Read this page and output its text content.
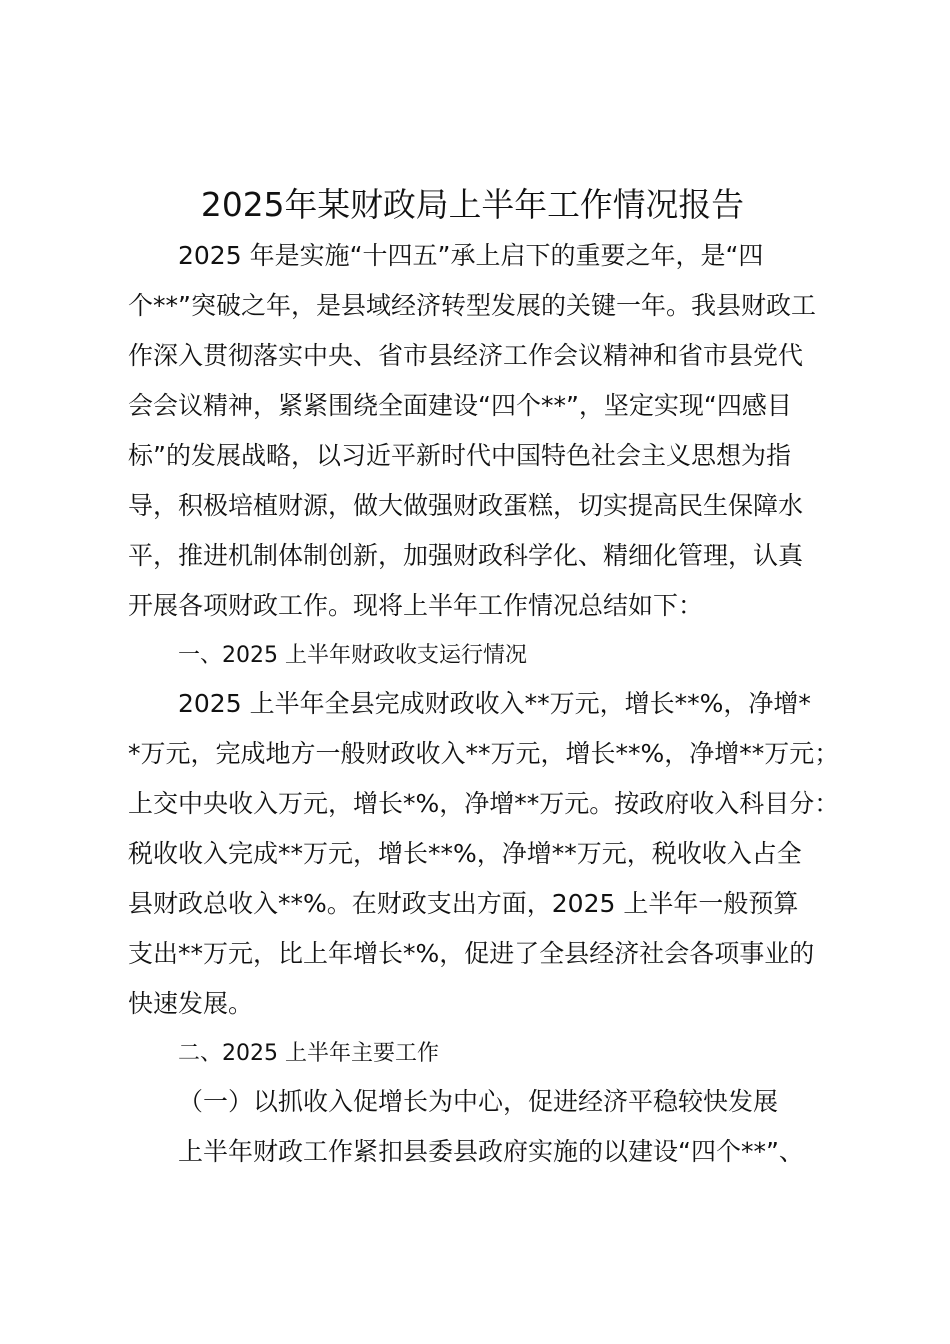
2025年某财政局上半年工作情况报告
2025 年是实施“十四五”承上启下的重要之年，是“四
个**”突破之年，是县域经济转型发展的关键一年。我县财政工
作深入贯彻落实中央、省市县经济工作会议精神和省市县党代
会会议精神，紧紧围绕全面建设“四个**”，坚定实现“四感目
标”的发展战略，以习近平新时代中国特色社会主义思想为指
导，积极培植财源，做大做强财政蛋糕，切实提高民生保障水
平，推进机制体制创新，加强财政科学化、精细化管理，认真
开展各项财政工作。现将上半年工作情况总结如下：
一、2025 上半年财政收支运行情况
2025 上半年全县完成财政收入**万元，增长**%，净增*
*万元，完成地方一般财政收入**万元，增长**%，净增**万元；
上交中央收入万元，增长*%，净增**万元。按政府收入科目分：
税收收入完成**万元，增长**%，净增**万元，税收收入占全
县财政总收入**%。在财政支出方面，2025 上半年一般预算
支出**万元，比上年增长*%，促进了全县经济社会各项事业的
快速发展。
二、2025 上半年主要工作
（一）以抓收入促增长为中心，促进经济平稳较快发展
上半年财政工作紧扣县委县政府实施的以建设“四个**”、
